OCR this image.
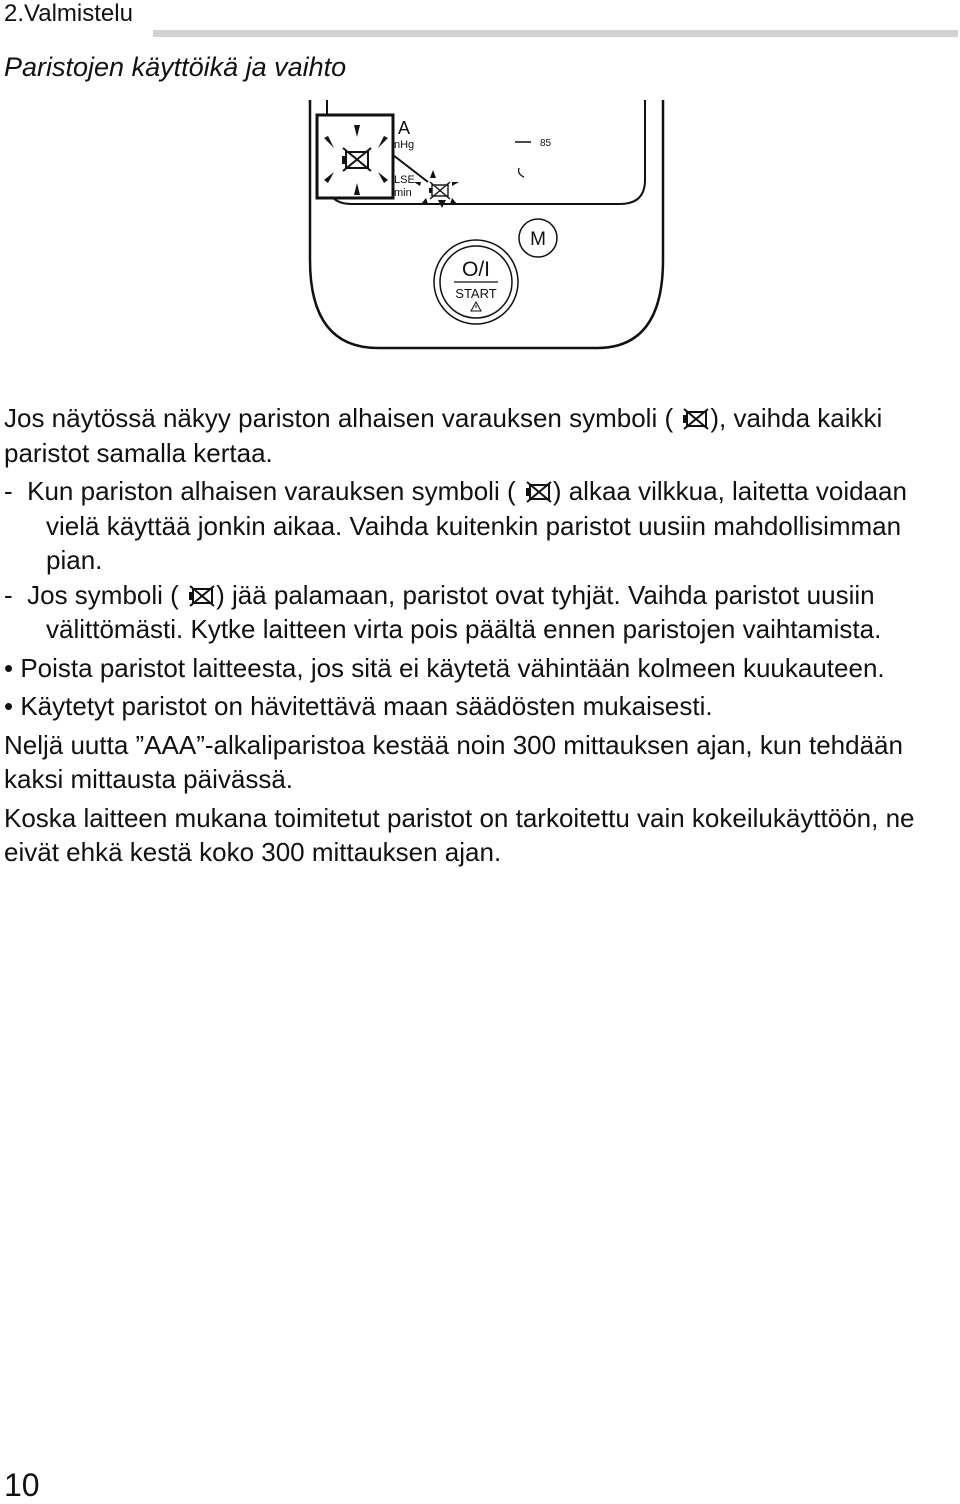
2.Valmistelu
Paristojen käyttöikä ja vaihto
A
nHg
LSE
min
85
M
O/I
START

Jos näytössä näkyy pariston alhaisen varauksen symboli ( ), vaihda kaikki paristot samalla kertaa.

- Kun pariston alhaisen varauksen symboli ( ) alkaa vilkkua, laitetta voidaan vielä käyttää jonkin aikaa. Vaihda kuitenkin paristot uusiin mahdollisimman pian.

- Jos symboli ( ) jää palamaan, paristot ovat tyhjät. Vaihda paristot uusiin välittömästi. Kytke laitteen virta pois päältä ennen paristojen vaihtamista.

• Poista paristot laitteesta, jos sitä ei käytetä vähintään kolmeen kuukauteen.

• Käytetyt paristot on hävitettävä maan säädösten mukaisesti.

Neljä uutta ”AAA”-alkaliparistoa kestää noin 300 mittauksen ajan, kun tehdään kaksi mittausta päivässä.

Koska laitteen mukana toimitetut paristot on tarkoitettu vain kokeilukäyttöön, ne eivät ehkä kestä koko 300 mittauksen ajan.

10
